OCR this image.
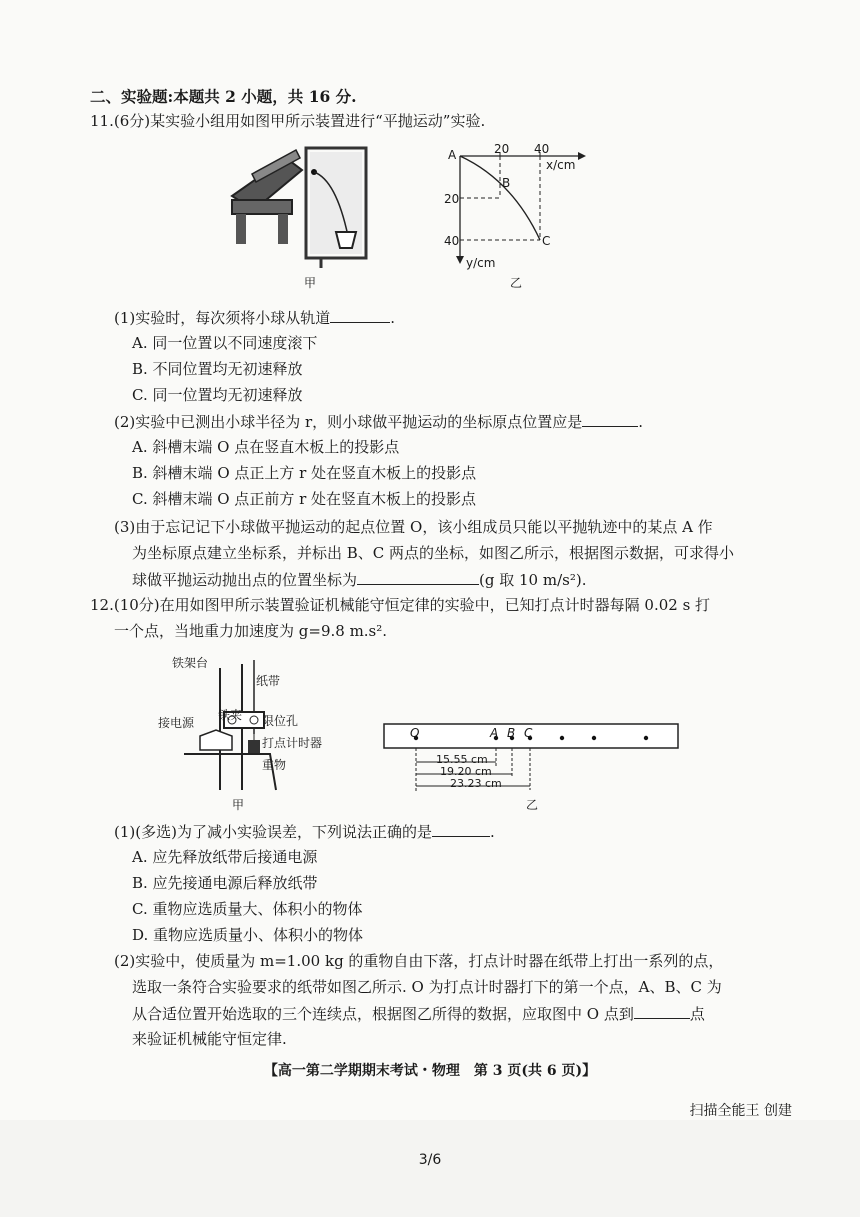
二、实验题:本题共 2 小题，共 16 分.
11.(6分)某实验小组用如图甲所示装置进行“平抛运动”实验.
甲
A	20 40
x/cm
B
20
40	C
y/cm
乙
(1)实验时，每次须将小球从轨道	.
A. 同一位置以不同速度滚下
B. 不同位置均无初速释放
C. 同一位置均无初速释放
(2)实验中已测出小球半径为 r，则小球做平抛运动的坐标原点位置应是	.
A. 斜槽末端 O 点在竖直木板上的投影点
B. 斜槽末端 O 点正上方 r 处在竖直木板上的投影点
C. 斜槽末端 O 点正前方 r 处在竖直木板上的投影点
(3)由于忘记记下小球做平抛运动的起点位置 O，该小组成员只能以平抛轨迹中的某点 A 作
为坐标原点建立坐标系，并标出 B、C 两点的坐标，如图乙所示，根据图示数据，可求得小
球做平抛运动抛出点的位置坐标为	(g 取 10 m/s²).
12.(10分)在用如图甲所示装置验证机械能守恒定律的实验中，已知打点计时器每隔 0.02 s 打
一个点，当地重力加速度为 g=9.8 m.s².
铁架台
纸带
接电源
铁夹 限位孔
打点计时器
重物
甲
O	A B C
15.55 cm
19.20 cm
23.23 cm
乙
(1)(多选)为了减小实验误差，下列说法正确的是	.
A. 应先释放纸带后接通电源
B. 应先接通电源后释放纸带
C. 重物应选质量大、体积小的物体
D. 重物应选质量小、体积小的物体
(2)实验中，使质量为 m=1.00 kg 的重物自由下落，打点计时器在纸带上打出一系列的点，
选取一条符合实验要求的纸带如图乙所示. O 为打点计时器打下的第一个点，A、B、C 为
从合适位置开始选取的三个连续点，根据图乙所得的数据，应取图中 O 点到	点
来验证机械能守恒定律.
【高一第二学期期末考试・物理　第 3 页(共 6 页)】
扫描全能王 创建
3/6
